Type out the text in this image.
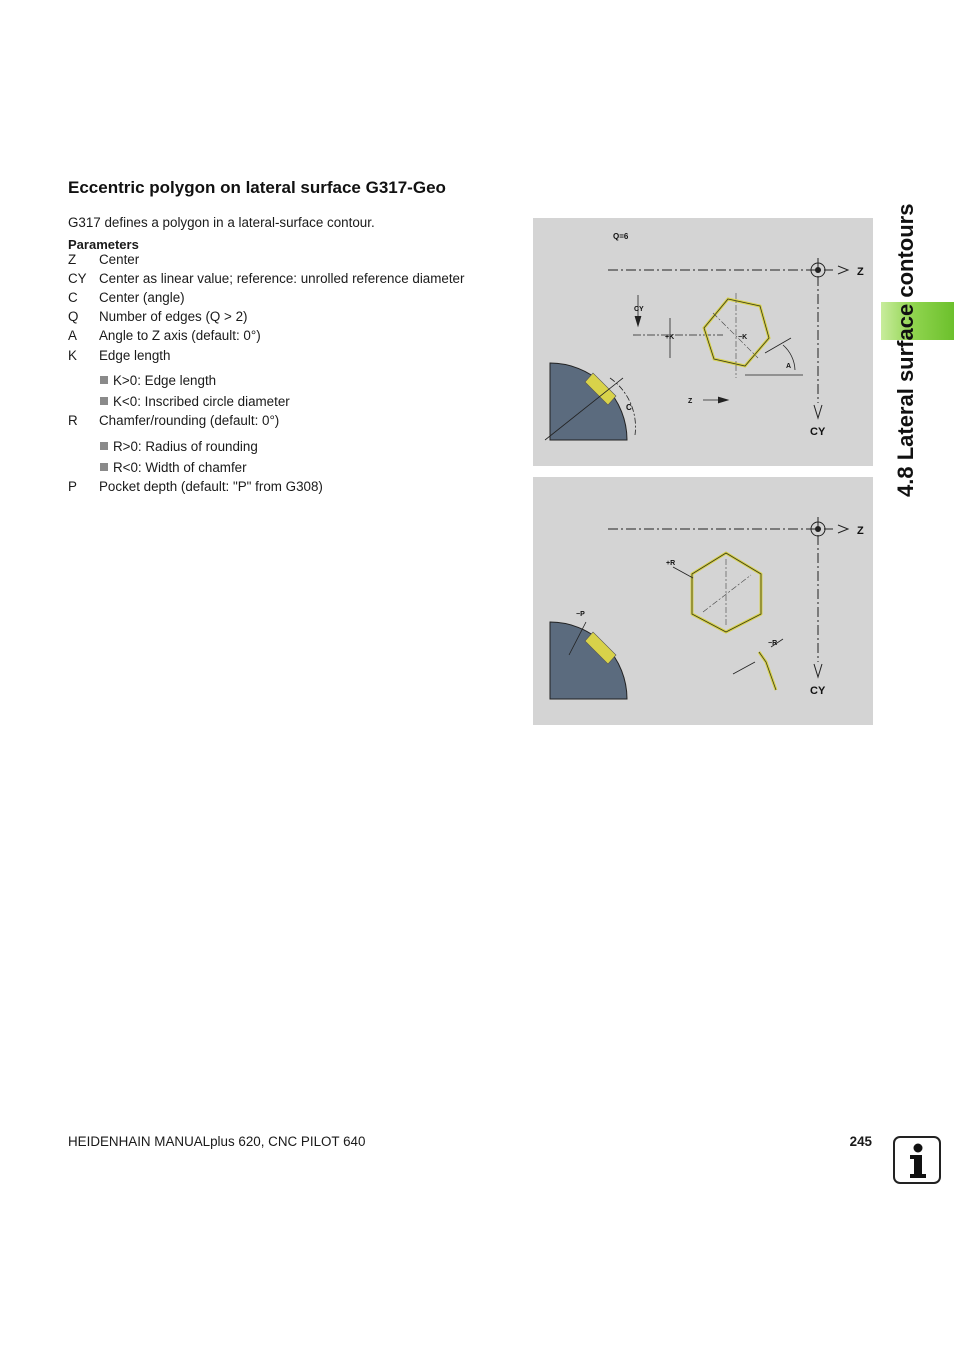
Eccentric polygon on lateral surface G317-Geo
G317 defines a polygon in a lateral-surface contour.
Parameters
Z Center
CY Center as linear value; reference: unrolled reference diameter
C Center (angle)
Q Number of edges (Q > 2)
A Angle to Z axis (default: 0°)
K Edge length
K>0: Edge length
K<0: Inscribed circle diameter
R Chamfer/rounding (default: 0°)
R>0: Radius of rounding
R<0: Width of chamfer
P Pocket depth (default: "P" from G308)
Q=6
Z
CY
CY
+K	−K
A
Z
C
Z
CY
+R
−R
−P
4.8 Lateral surface contours
HEIDENHAIN MANUALplus 620, CNC PILOT 640	245
